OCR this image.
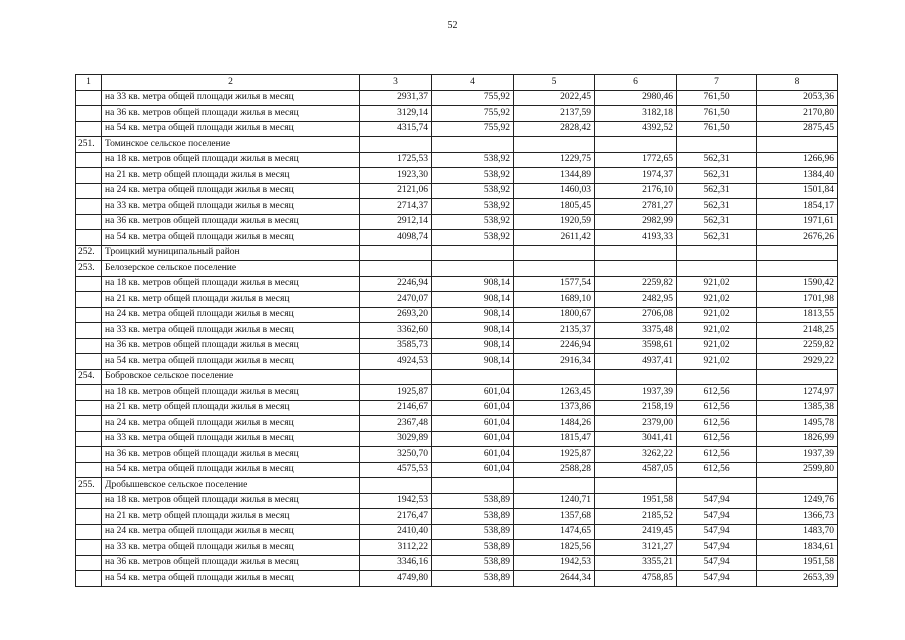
52
1	2	3	4	5	6	7	8
	на 33 кв. метра общей площади жилья в месяц	2931,37	755,92	2022,45	2980,46	761,50	2053,36
	на 36 кв. метров общей площади жилья в месяц	3129,14	755,92	2137,59	3182,18	761,50	2170,80
	на 54 кв. метра общей площади жилья в месяц	4315,74	755,92	2828,42	4392,52	761,50	2875,45
251.	Томинское сельское поселение						
	на 18 кв. метров общей площади жилья в месяц	1725,53	538,92	1229,75	1772,65	562,31	1266,96
	на 21 кв. метр общей площади жилья в месяц	1923,30	538,92	1344,89	1974,37	562,31	1384,40
	на 24 кв. метра общей площади жилья в месяц	2121,06	538,92	1460,03	2176,10	562,31	1501,84
	на 33 кв. метра общей площади жилья в месяц	2714,37	538,92	1805,45	2781,27	562,31	1854,17
	на 36 кв. метров общей площади жилья в месяц	2912,14	538,92	1920,59	2982,99	562,31	1971,61
	на 54 кв. метра общей площади жилья в месяц	4098,74	538,92	2611,42	4193,33	562,31	2676,26
252.	Троицкий муниципальный район						
253.	Белозерское сельское поселение						
	на 18 кв. метров общей площади жилья в месяц	2246,94	908,14	1577,54	2259,82	921,02	1590,42
	на 21 кв. метр общей площади жилья в месяц	2470,07	908,14	1689,10	2482,95	921,02	1701,98
	на 24 кв. метра общей площади жилья в месяц	2693,20	908,14	1800,67	2706,08	921,02	1813,55
	на 33 кв. метра общей площади жилья в месяц	3362,60	908,14	2135,37	3375,48	921,02	2148,25
	на 36 кв. метров общей площади жилья в месяц	3585,73	908,14	2246,94	3598,61	921,02	2259,82
	на 54 кв. метра общей площади жилья в месяц	4924,53	908,14	2916,34	4937,41	921,02	2929,22
254.	Бобровское сельское поселение						
	на 18 кв. метров общей площади жилья в месяц	1925,87	601,04	1263,45	1937,39	612,56	1274,97
	на 21 кв. метр общей площади жилья в месяц	2146,67	601,04	1373,86	2158,19	612,56	1385,38
	на 24 кв. метра общей площади жилья в месяц	2367,48	601,04	1484,26	2379,00	612,56	1495,78
	на 33 кв. метра общей площади жилья в месяц	3029,89	601,04	1815,47	3041,41	612,56	1826,99
	на 36 кв. метров общей площади жилья в месяц	3250,70	601,04	1925,87	3262,22	612,56	1937,39
	на 54 кв. метра общей площади жилья в месяц	4575,53	601,04	2588,28	4587,05	612,56	2599,80
255.	Дробышевское сельское поселение						
	на 18 кв. метров общей площади жилья в месяц	1942,53	538,89	1240,71	1951,58	547,94	1249,76
	на 21 кв. метр общей площади жилья в месяц	2176,47	538,89	1357,68	2185,52	547,94	1366,73
	на 24 кв. метра общей площади жилья в месяц	2410,40	538,89	1474,65	2419,45	547,94	1483,70
	на 33 кв. метра общей площади жилья в месяц	3112,22	538,89	1825,56	3121,27	547,94	1834,61
	на 36 кв. метров общей площади жилья в месяц	3346,16	538,89	1942,53	3355,21	547,94	1951,58
	на 54 кв. метра общей площади жилья в месяц	4749,80	538,89	2644,34	4758,85	547,94	2653,39
